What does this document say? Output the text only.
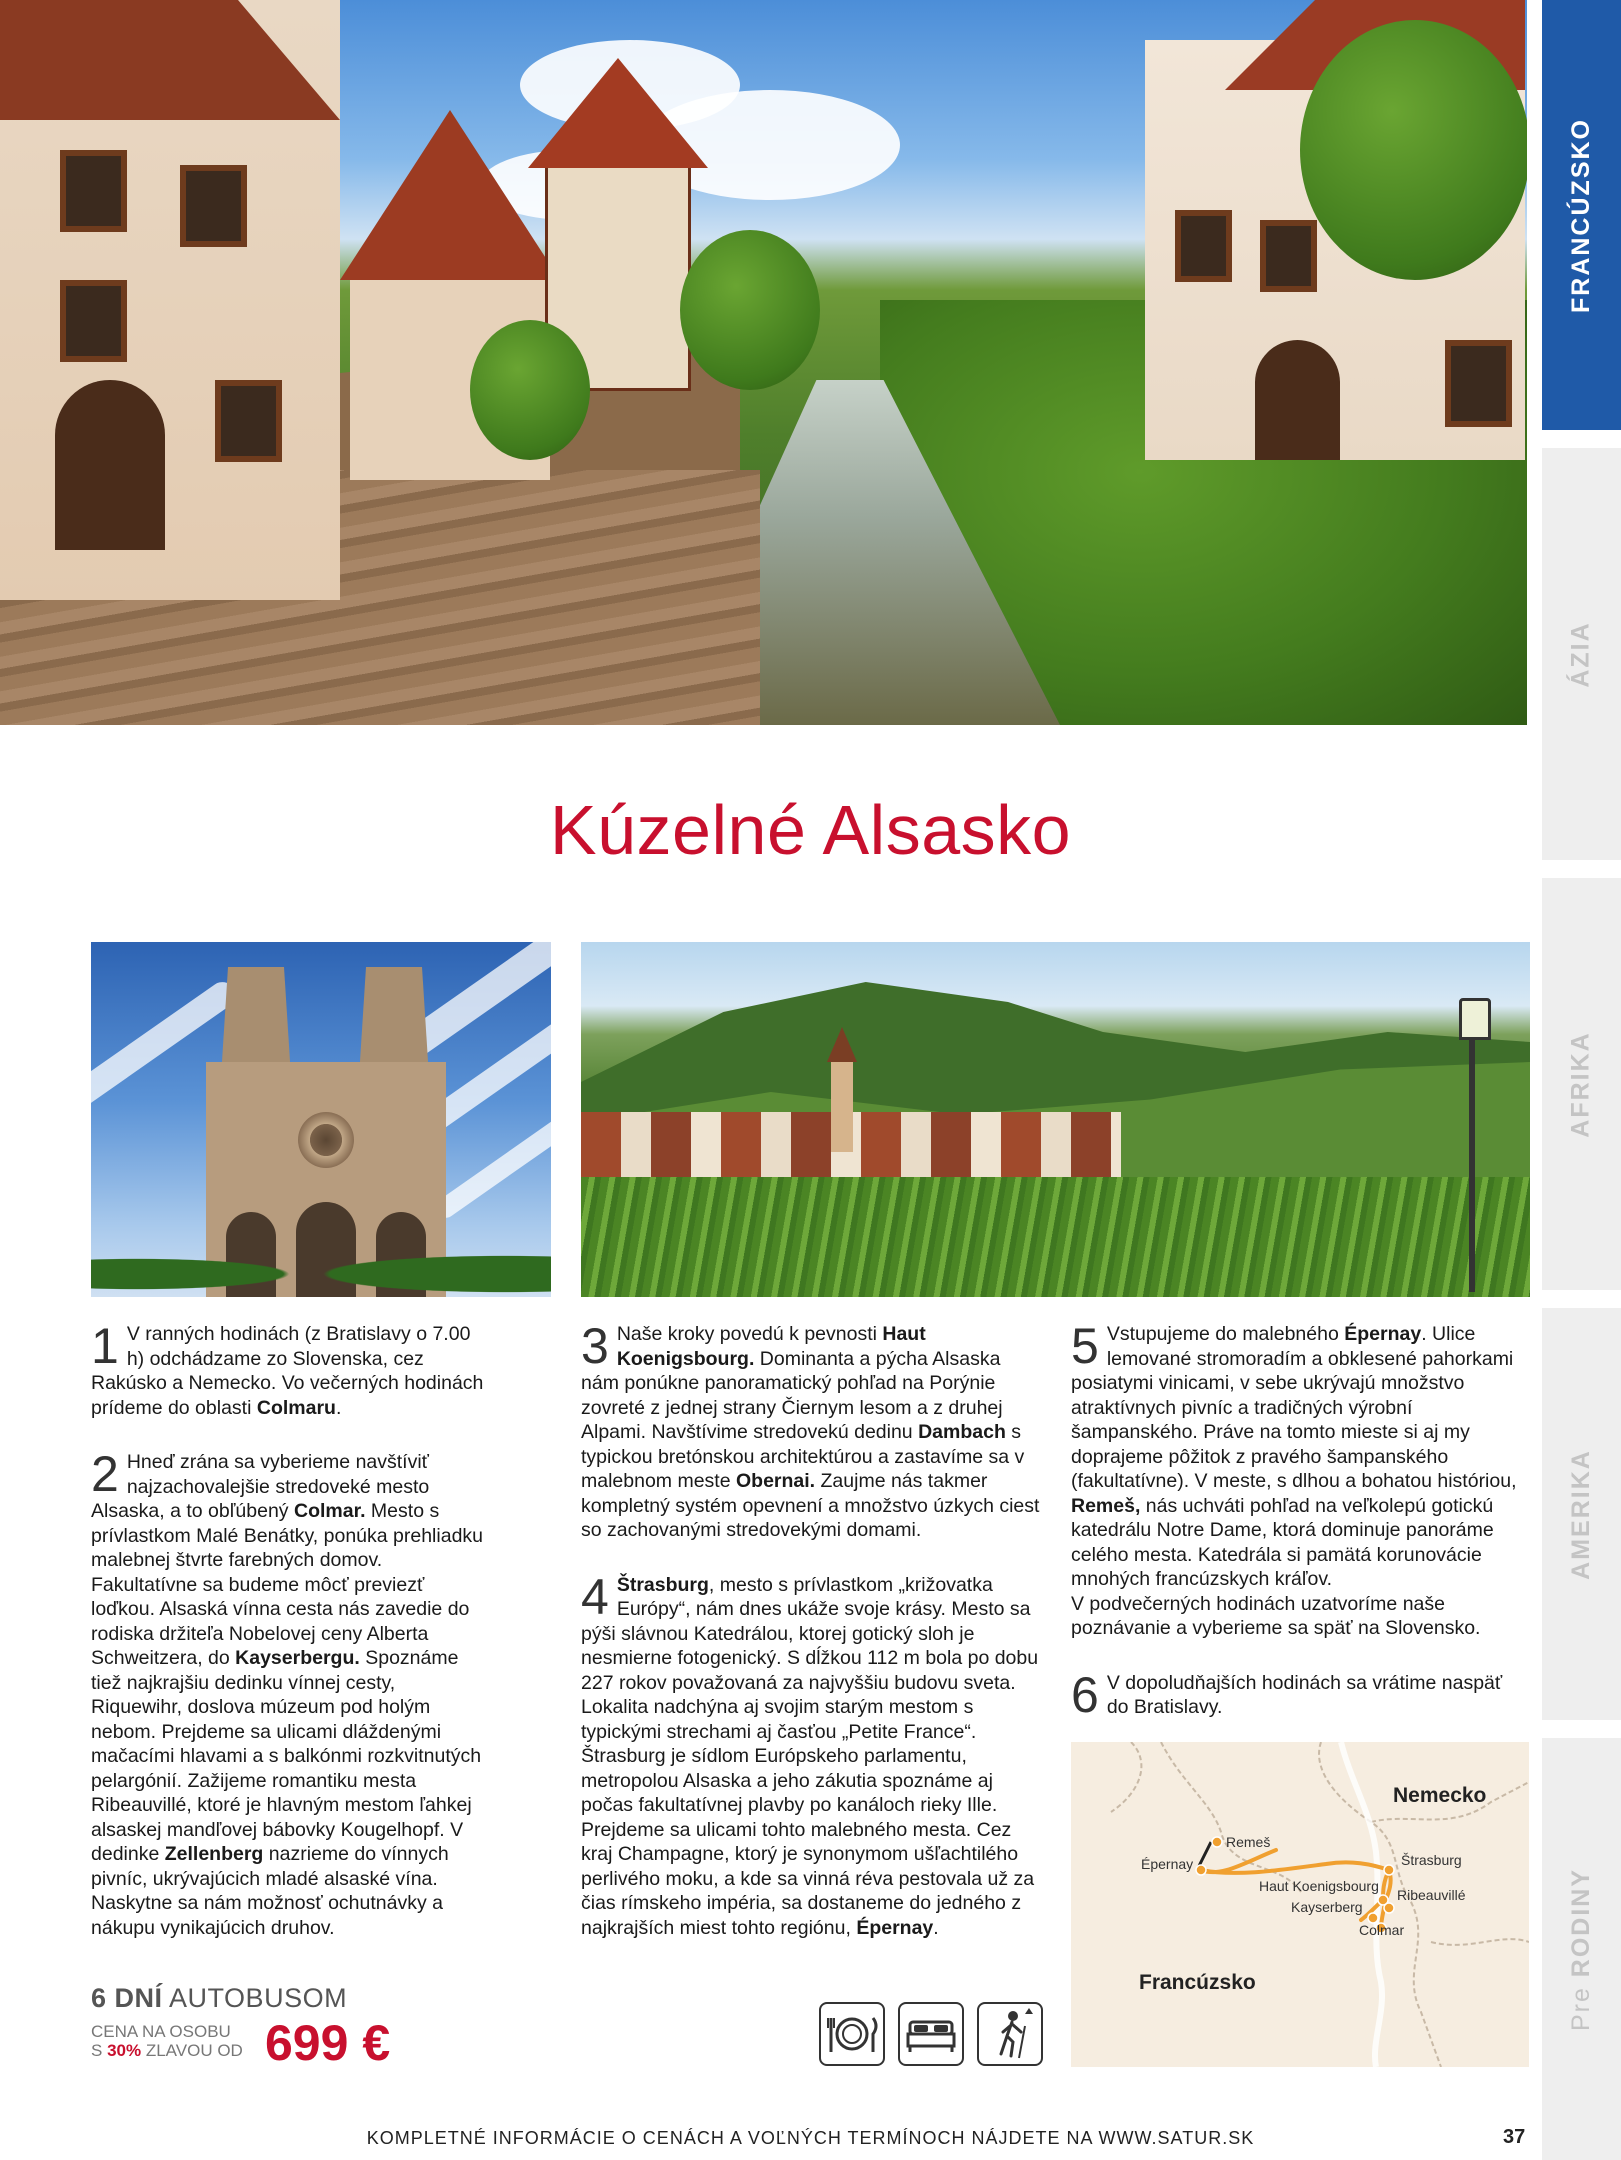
FRANCÚZSKO
ÁZIA
AFRIKA
AMERIKA
Pre RODINY
Kúzelné Alsasko

1 V ranných hodinách (z Bratislavy o 7.00 h) odchádzame zo Slovenska, cez Rakúsko a Nemecko. Vo večerných hodinách prídeme do oblasti Colmaru.

2 Hneď zrána sa vyberieme navštíviť najzachovalejšie stredoveké mesto Alsaska, a to obľúbený Colmar. Mesto s prívlastkom Malé Benátky, ponúka prehliadku malebnej štvrte farebných domov. Fakultatívne sa budeme môcť previezť loďkou. Alsaská vínna cesta nás zavedie do rodiska držiteľa Nobelovej ceny Alberta Schweitzera, do Kayserbergu. Spoznáme tiež najkrajšiu dedinku vínnej cesty, Riquewihr, doslova múzeum pod holým nebom. Prejdeme sa ulicami dláždenými mačacími hlavami a s balkónmi rozkvitnutých pelargónií. Zažijeme romantiku mesta Ribeauvillé, ktoré je hlavným mestom ľahkej alsaskej mandľovej bábovky Kougelhopf. V dedinke Zellenberg nazrieme do vínnych pivníc, ukrývajúcich mladé alsaské vína. Naskytne sa nám možnosť ochutnávky a nákupu vynikajúcich druhov.

3 Naše kroky povedú k pevnosti Haut Koenigsbourg. Dominanta a pýcha Alsaska nám ponúkne panoramatický pohľad na Porýnie zovreté z jednej strany Čiernym lesom a z druhej Alpami. Navštívime stredovekú dedinu Dambach s typickou bretónskou architektúrou a zastavíme sa v malebnom meste Obernai. Zaujme nás takmer kompletný systém opevnení a množstvo úzkych ciest so zachovanými stredovekými domami.

4 Štrasburg, mesto s prívlastkom „križovatka Európy“, nám dnes ukáže svoje krásy. Mesto sa pýši slávnou Katedrálou, ktorej gotický sloh je nesmierne fotogenický. S dĺžkou 112 m bola po dobu 227 rokov považovaná za najvyššiu budovu sveta. Lokalita nadchýna aj svojim starým mestom s typickými strechami aj časťou „Petite France“. Štrasburg je sídlom Európskeho parlamentu, metropolou Alsaska a jeho zákutia spoznáme aj počas fakultatívnej plavby po kanáloch rieky Ille. Prejdeme sa ulicami tohto malebného mesta. Cez kraj Champagne, ktorý je synonymom ušľachtilého perlivého moku, a kde sa vinná réva pestovala už za čias rímskeho impéria, sa dostaneme do jedného z najkrajších miest tohto regiónu, Épernay.

5 Vstupujeme do malebného Épernay. Ulice lemované stromoradím a obklesené pahorkami posiatymi vinicami, v sebe ukrývajú množstvo atraktívnych pivníc a tradičných výrobní šampanského. Práve na tomto mieste si aj my doprajeme pôžitok z pravého šampanského (fakultatívne). V meste, s dlhou a bohatou históriou, Remeš, nás uchváti pohľad na veľkolepú gotickú katedrálu Notre Dame, ktorá dominuje panoráme celého mesta. Katedrála si pamätá korunovácie mnohých francúzskych kráľov.
V podvečerných hodinách uzatvoríme naše poznávanie a vyberieme sa späť na Slovensko.

6 V dopoludňajších hodinách sa vrátime naspäť do Bratislavy.

6 DNÍ AUTOBUSOM
CENA NA OSOBU
S 30% ZLAVOU OD 699 €
Nemecko
Francúzsko
Remeš
Épernay	Štrasburg
Haut Koenigsbourg
Ribeauvillé
Kayserberg
Colmar
KOMPLETNÉ INFORMÁCIE O CENÁCH A VOĽNÝCH TERMÍNOCH NÁJDETE NA WWW.SATUR.SK	37
